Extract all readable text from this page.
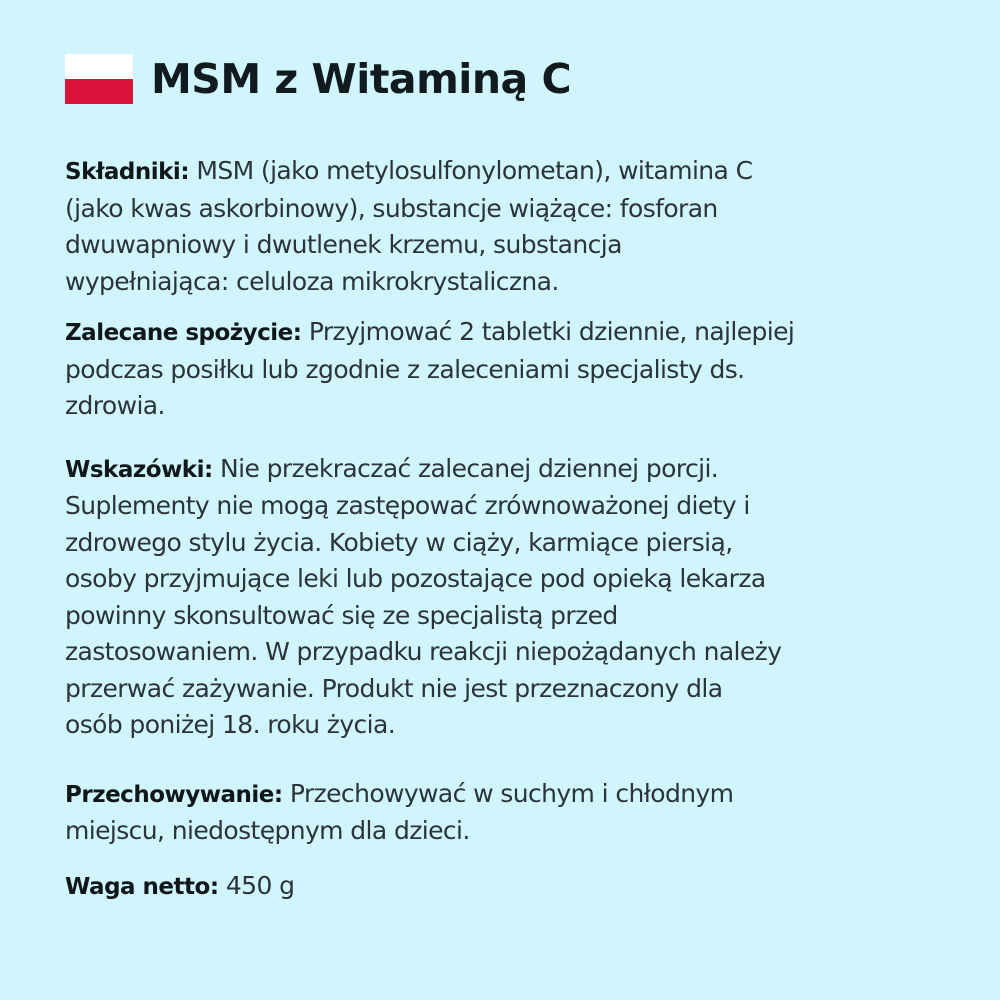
MSM z Witaminą C
Składniki: MSM (jako metylosulfonylometan), witamina C
(jako kwas askorbinowy), substancje wiążące: fosforan
dwuwapniowy i dwutlenek krzemu, substancja
wypełniająca: celuloza mikrokrystaliczna.
Zalecane spożycie: Przyjmować 2 tabletki dziennie, najlepiej
podczas posiłku lub zgodnie z zaleceniami specjalisty ds.
zdrowia.
Wskazówki: Nie przekraczać zalecanej dziennej porcji.
Suplementy nie mogą zastępować zrównoważonej diety i
zdrowego stylu życia. Kobiety w ciąży, karmiące piersią,
osoby przyjmujące leki lub pozostające pod opieką lekarza
powinny skonsultować się ze specjalistą przed
zastosowaniem. W przypadku reakcji niepożądanych należy
przerwać zażywanie. Produkt nie jest przeznaczony dla
osób poniżej 18. roku życia.
Przechowywanie: Przechowywać w suchym i chłodnym
miejscu, niedostępnym dla dzieci.
Waga netto: 450 g
